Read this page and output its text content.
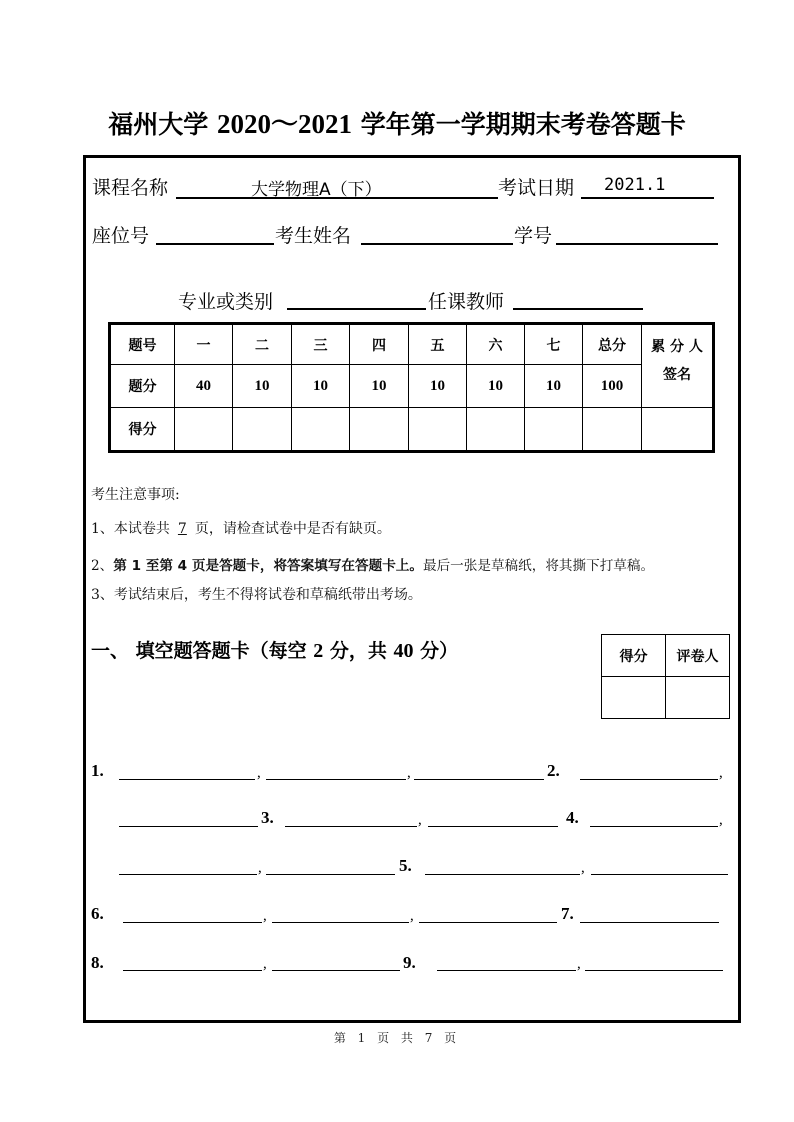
福州大学 2020～2021 学年第一学期期末考卷答题卡
课程名称	大学物理A（下）	考试日期 2021.1
座位号	考生姓名	学号
专业或类别	任课教师
题号	一	二	三	四	五	六	七	总分	累 分 人
签名

题分	40	10	10	10	10	10	10	100	
得分									
考生注意事项:
1、本试卷共 7 页，请检查试卷中是否有缺页。
2、第 1 至第 4 页是答题卡，将答案填写在答题卡上。最后一张是草稿纸，将其撕下打草稿。
3、考试结束后，考生不得将试卷和草稿纸带出考场。
一、 填空题答题卡（每空 2 分，共 40 分）	得分	评卷人

1.	,	,	2.	,
3.	,	4.	,
,	5.	,
6.	,	,	7.
8.	,	9.	,
第 1 页 共 7 页
